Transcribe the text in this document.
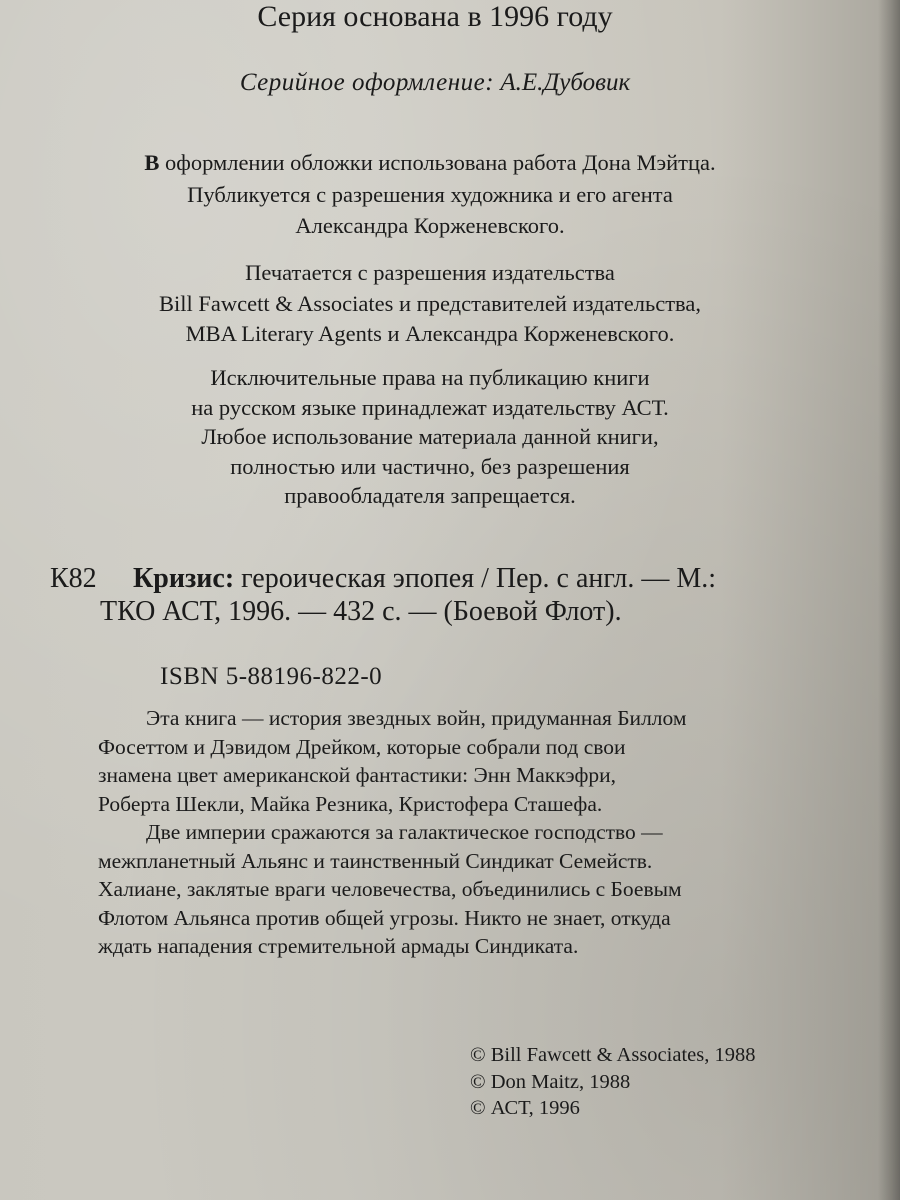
Серия основана в 1996 году
Серийное оформление: А.Е.Дубовик
В оформлении обложки использована работа Дона Мэйтца.
Публикуется с разрешения художника и его агента
Александра Корженевского.
Печатается с разрешения издательства
Bill Fawcett & Associates и представителей издательства,
MBA Literary Agents и Александра Корженевского.
Исключительные права на публикацию книги
на русском языке принадлежат издательству АСТ.
Любое использование материала данной книги,
полностью или частично, без разрешения
правообладателя запрещается.
К82 Кризис: героическая эпопея / Пер. с англ. — М.:
ТКО АСТ, 1996. — 432 с. — (Боевой Флот).
ISBN 5-88196-822-0
Эта книга — история звездных войн, придуманная Биллом
Фосеттом и Дэвидом Дрейком, которые собрали под свои
знамена цвет американской фантастики: Энн Маккэфри,
Роберта Шекли, Майка Резника, Кристофера Сташефа.
Две империи сражаются за галактическое господство —
межпланетный Альянс и таинственный Синдикат Семейств.
Халиане, заклятые враги человечества, объединились с Боевым
Флотом Альянса против общей угрозы. Никто не знает, откуда
ждать нападения стремительной армады Синдиката.
© Bill Fawcett & Associates, 1988
© Don Maitz, 1988
© АСТ, 1996
